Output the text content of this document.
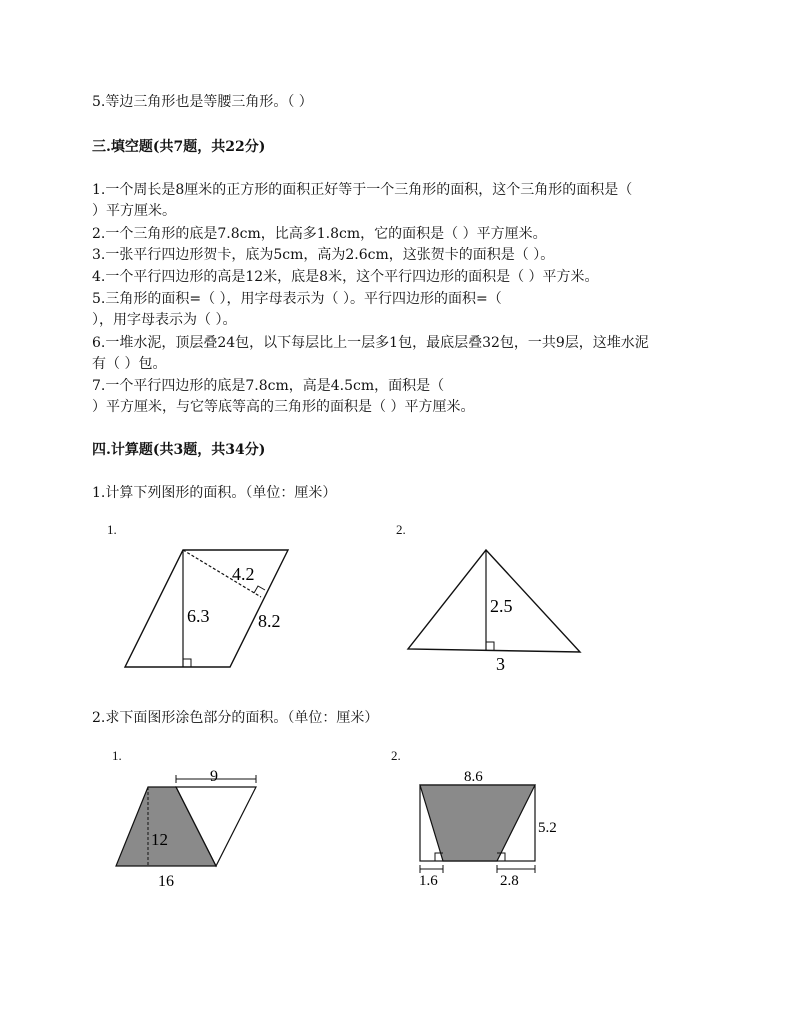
5.等边三角形也是等腰三角形。（ ）
三.填空题(共7题，共22分)
1.一个周长是8厘米的正方形的面积正好等于一个三角形的面积，这个三角形的面积是（
）平方厘米。
2.一个三角形的底是7.8cm，比高多1.8cm，它的面积是（ ）平方厘米。
3.一张平行四边形贺卡，底为5cm，高为2.6cm，这张贺卡的面积是（ ）。
4.一个平行四边形的高是12米，底是8米，这个平行四边形的面积是（ ）平方米。
5.三角形的面积=（ ），用字母表示为（ ）。平行四边形的面积=（
），用字母表示为（ ）。
6.一堆水泥，顶层叠24包，以下每层比上一层多1包，最底层叠32包，一共9层，这堆水泥
有（ ）包。
7.一个平行四边形的底是7.8cm，高是4.5cm，面积是（
）平方厘米，与它等底等高的三角形的面积是（ ）平方厘米。
四.计算题(共3题，共34分)
1.计算下列图形的面积。（单位：厘米）
1.
4.2
6.3	8.2
2.
2.5
3
2.求下面图形涂色部分的面积。（单位：厘米）
1.
9
12
16
2.
8.6
5.2
1.6	2.8
